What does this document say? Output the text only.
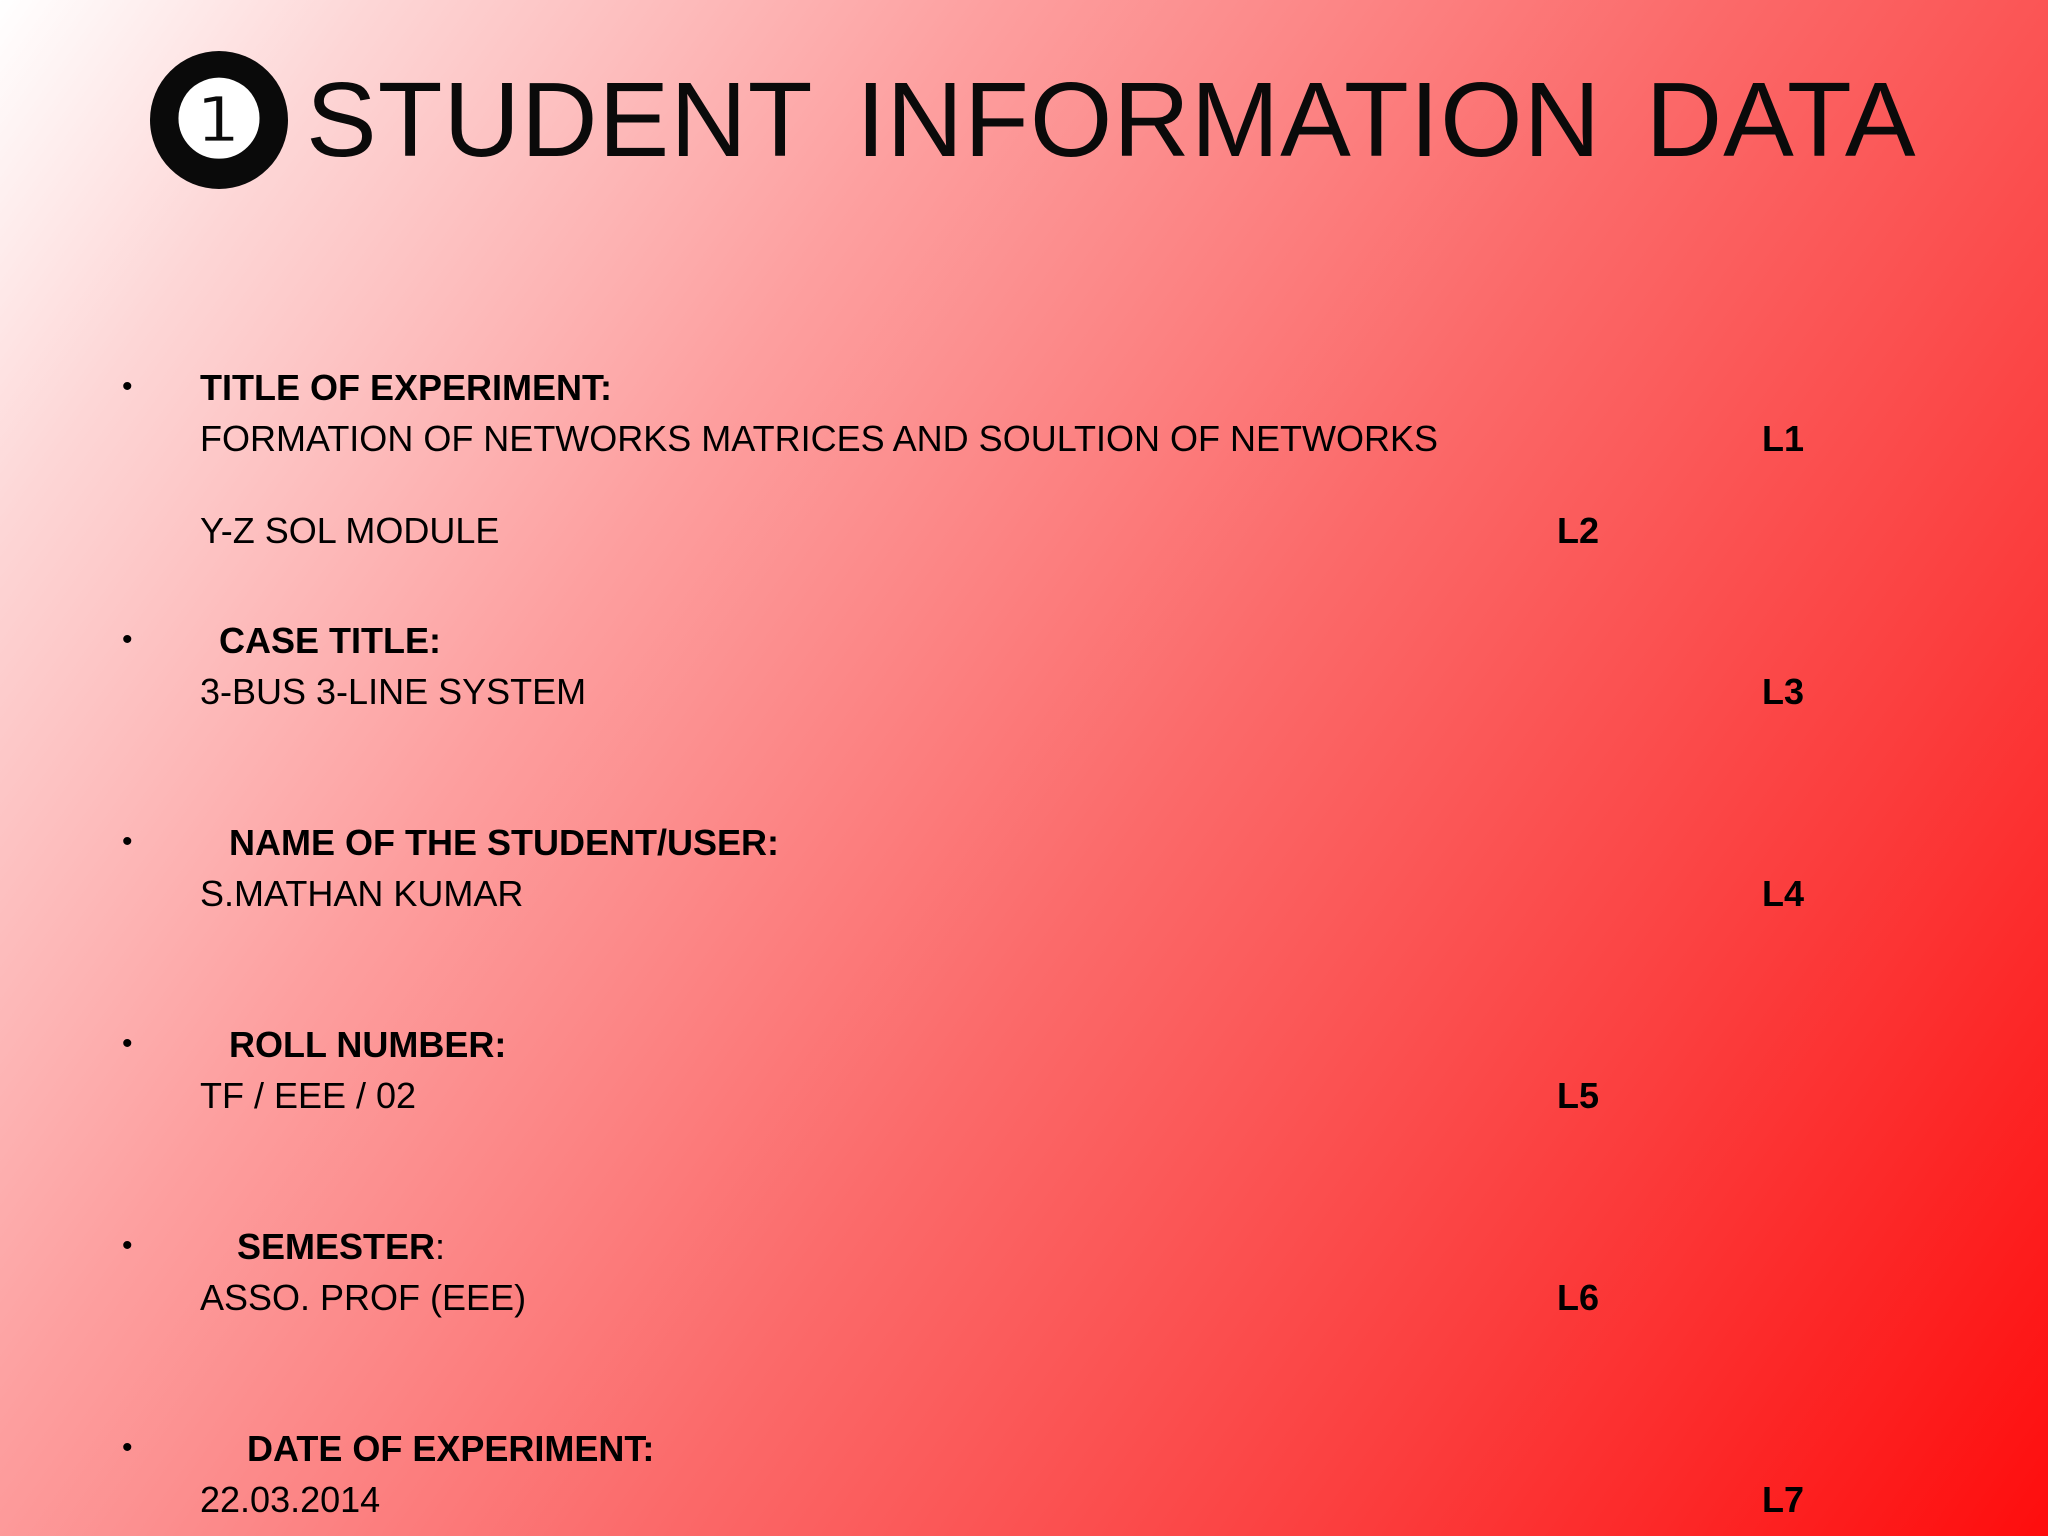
❶ STUDENT INFORMATION DATA
• TITLE OF EXPERIMENT:
FORMATION OF NETWORKS MATRICES AND SOULTION OF NETWORKS	L1
Y-Z SOL MODULE	L2
• CASE TITLE:
3-BUS 3-LINE SYSTEM	L3
•	NAME OF THE STUDENT/USER:
S.MATHAN KUMAR	L4
•	ROLL NUMBER:
TF / EEE / 02	L5
•	SEMESTER:
ASSO. PROF (EEE)	L6
•	DATE OF EXPERIMENT:
22.03.2014	L7
